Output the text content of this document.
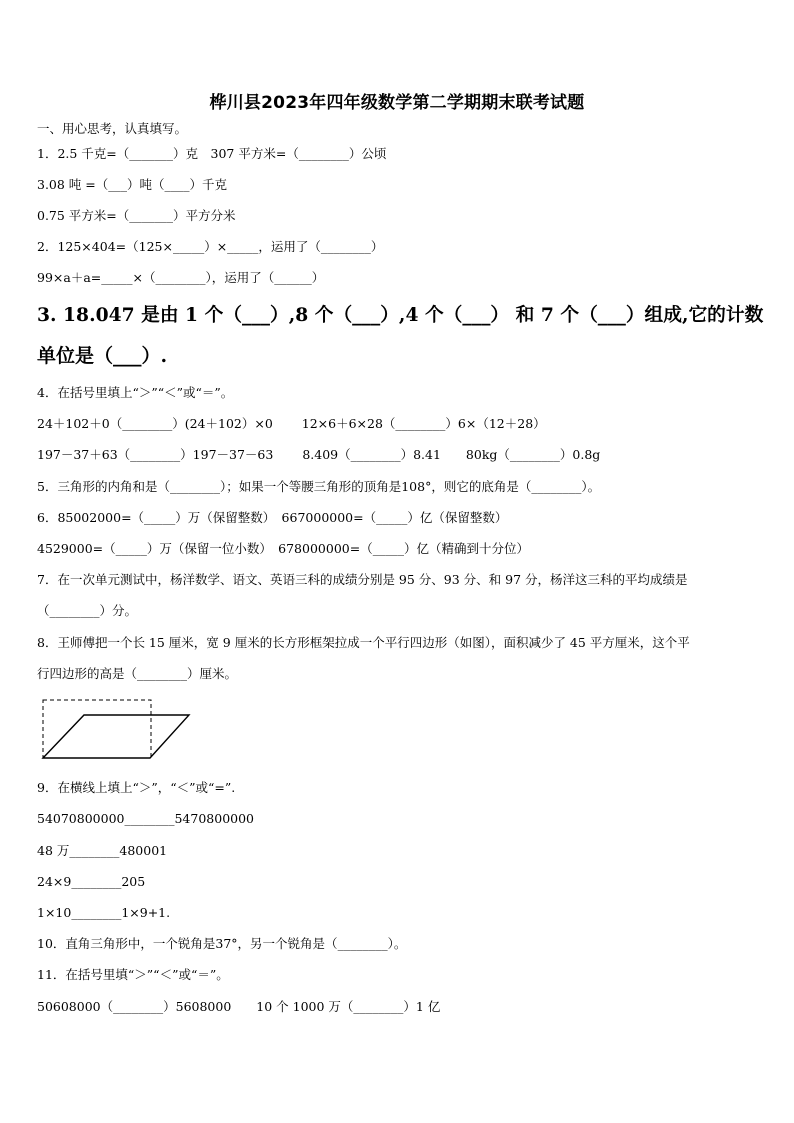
桦川县2023年四年级数学第二学期期末联考试题
一、用心思考，认真填写。
1．2.5 千克=（_______）克　307 平方米=（________）公顷
3.08 吨 =（___）吨（____）千克
0.75 平方米=（_______）平方分米
2．125×404=（125×_____）×_____，运用了（________）
99×a＋a=_____×（________），运用了（______）
3. 18.047 是由 1 个（___）,8 个（___）,4 个（___） 和 7 个（___）组成,它的计数
单位是（___）.
4．在括号里填上“＞”“＜”或“＝”。
24＋102＋0（________）(24＋102）×0　　 12×6＋6×28（________）6×（12＋28）
197－37＋63（________）197－37－63　　 8.409（________）8.41　　80kg（________）0.8g
5．三角形的内角和是（________）；如果一个等腰三角形的顶角是108°，则它的底角是（________）。
6．85002000=（_____）万（保留整数）　667000000=（_____）亿（保留整数）
4529000=（_____）万（保留一位小数）　678000000=（_____）亿（精确到十分位）
7．在一次单元测试中，杨洋数学、语文、英语三科的成绩分别是 95 分、93 分、和 97 分，杨洋这三科的平均成绩是
（________）分。
8．王师傅把一个长 15 厘米，宽 9 厘米的长方形框架拉成一个平行四边形（如图），面积减少了 45 平方厘米，这个平
行四边形的高是（________）厘米。
9．在横线上填上“＞”，“＜”或“=”.
54070800000________5470800000
48 万________480001
24×9________205
1×10________1×9+1.
10．直角三角形中，一个锐角是37°，另一个锐角是（________）。
11．在括号里填“＞”“＜”或“＝”。
50608000（________）5608000　　10 个 1000 万（________）1 亿
